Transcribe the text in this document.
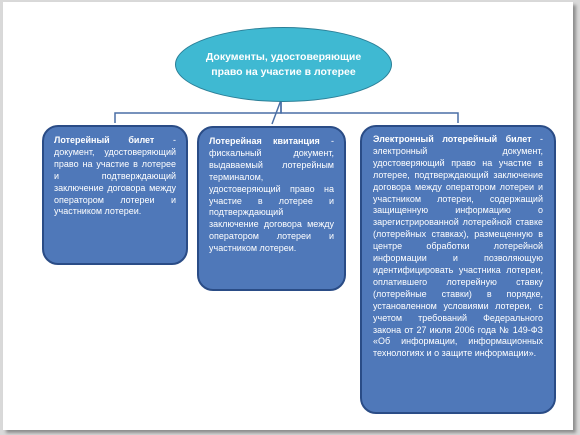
Документы, удостоверяющие право на участие в лотерее
Лотерейный билет - документ, удостоверяющий право на участие в лотерее и подтверждающий заключение договора между оператором лотереи и участником лотереи.
Лотерейная квитанция - фискальный документ, выдаваемый лотерейным терминалом, удостоверяющий право на участие в лотерее и подтверждающий заключение договора между оператором лотереи и участником лотереи.
Электронный лотерейный билет - электронный документ, удостоверяющий право на участие в лотерее, подтверждающий заключение договора между оператором лотереи и участником лотереи, содержащий защищенную информацию о зарегистрированной лотерейной ставке (лотерейных ставках), размещенную в центре обработки лотерейной информации и позволяющую идентифицировать участника лотереи, оплатившего лотерейную ставку (лотерейные ставки) в порядке, установленном условиями лотереи, с учетом требований Федерального закона от 27 июля 2006 года № 149-ФЗ «Об информации, информационных технологиях и о защите информации».
